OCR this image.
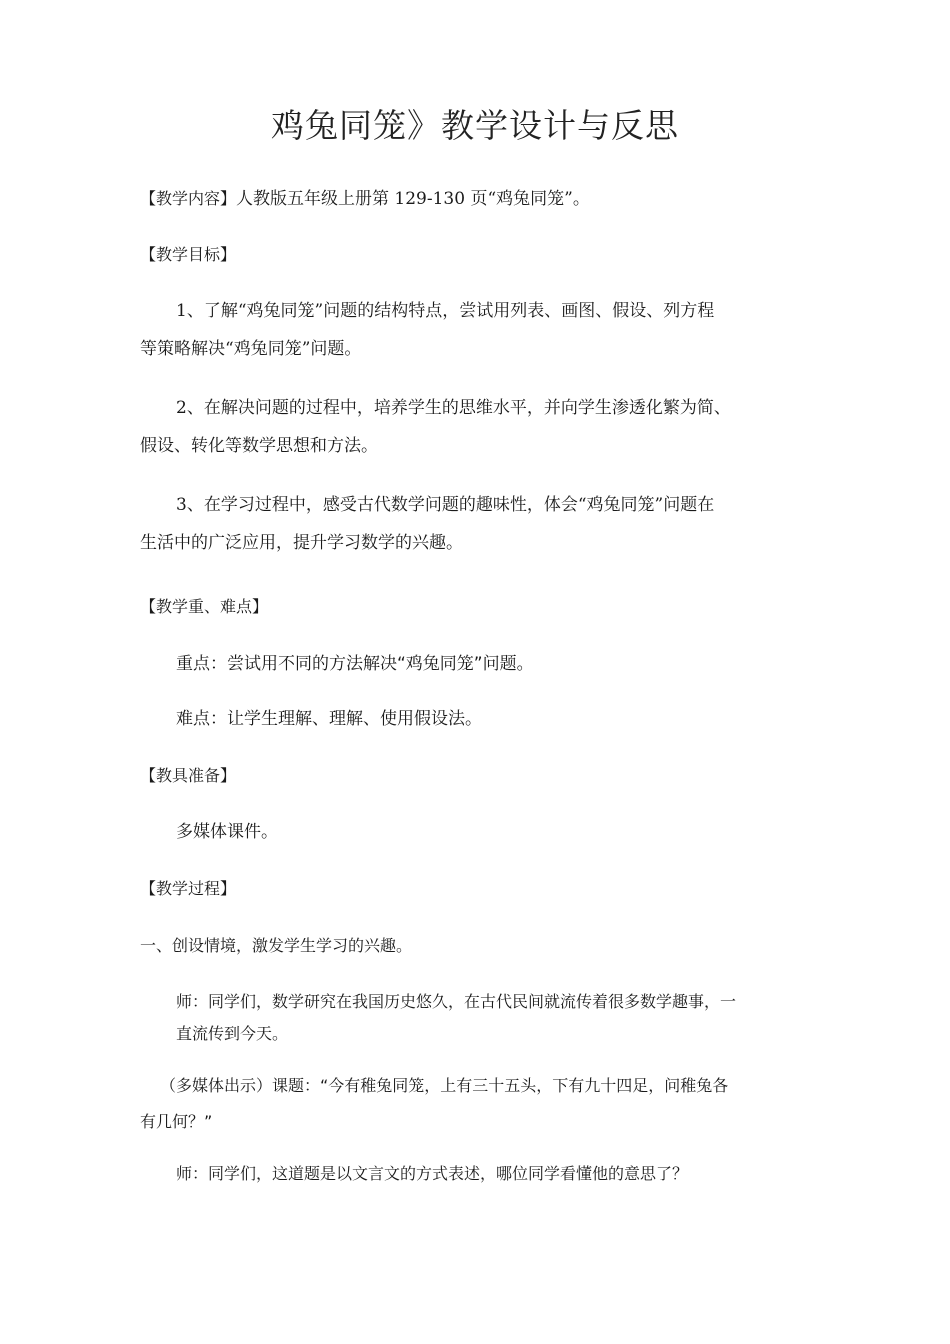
鸡兔同笼》教学设计与反思
【教学内容】人教版五年级上册第 129-130 页“鸡兔同笼”。
【教学目标】
1、了解“鸡兔同笼”问题的结构特点，尝试用列表、画图、假设、列方程
等策略解决“鸡兔同笼”问题。
2、在解决问题的过程中，培养学生的思维水平，并向学生渗透化繁为简、
假设、转化等数学思想和方法。
3、在学习过程中，感受古代数学问题的趣味性，体会“鸡兔同笼”问题在
生活中的广泛应用，提升学习数学的兴趣。
【教学重、难点】
重点：尝试用不同的方法解决“鸡兔同笼”问题。
难点：让学生理解、理解、使用假设法。
【教具准备】
多媒体课件。
【教学过程】
一、创设情境，激发学生学习的兴趣。
师：同学们，数学研究在我国历史悠久，在古代民间就流传着很多数学趣事，一
直流传到今天。
（多媒体出示）课题：“今有稚兔同笼，上有三十五头，下有九十四足，问稚兔各
有几何？”
师：同学们，这道题是以文言文的方式表述，哪位同学看懂他的意思了？
